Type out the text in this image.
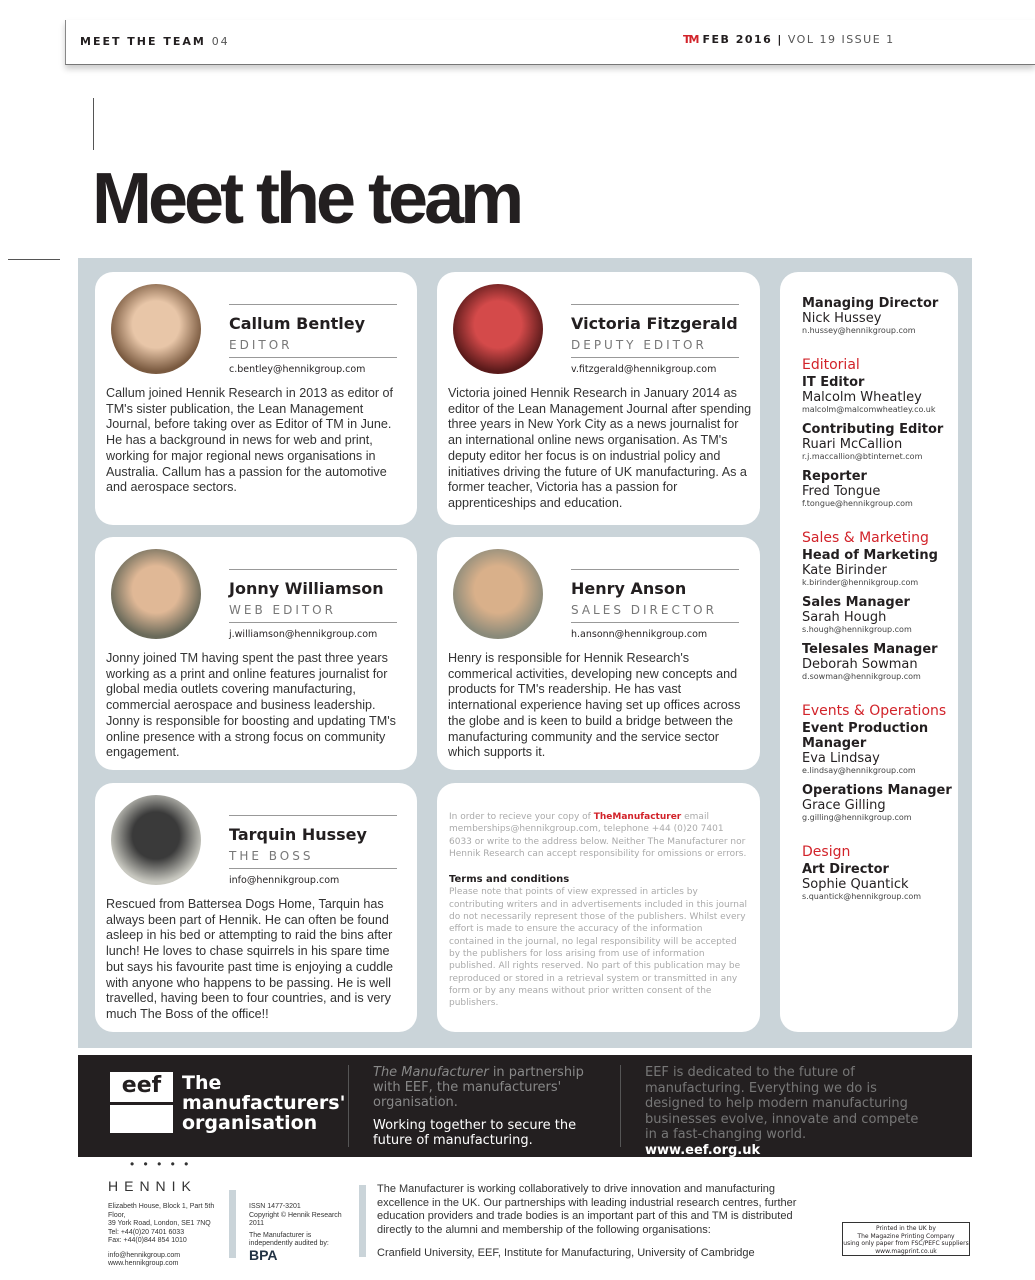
MEET THE TEAM 04	TM FEB 2016 | VOL 19 ISSUE 1
Meet the team
Callum Bentley
EDITOR
c.bentley@hennikgroup.com
Callum joined Hennik Research in 2013 as editor of TM's sister publication, the Lean Management Journal, before taking over as Editor of TM in June. He has a background in news for web and print, working for major regional news organisations in Australia. Callum has a passion for the automotive and aerospace sectors.
Victoria Fitzgerald
DEPUTY EDITOR
v.fitzgerald@hennikgroup.com
Victoria joined Hennik Research in January 2014 as editor of the Lean Management Journal after spending three years in New York City as a news journalist for an international online news organisation. As TM's deputy editor her focus is on industrial policy and initiatives driving the future of UK manufacturing. As a former teacher, Victoria has a passion for apprenticeships and education.
Jonny Williamson
WEB EDITOR
j.williamson@hennikgroup.com
Jonny joined TM having spent the past three years working as a print and online features journalist for global media outlets covering manufacturing, commercial aerospace and business leadership. Jonny is responsible for boosting and updating TM's online presence with a strong focus on community engagement.
Henry Anson
SALES DIRECTOR
h.ansonn@hennikgroup.com
Henry is responsible for Hennik Research's commerical activities, developing new concepts and products for TM's readership. He has vast international experience having set up offices across the globe and is keen to build a bridge between the manufacturing community and the service sector which supports it.
Tarquin Hussey
THE BOSS
info@hennikgroup.com
Rescued from Battersea Dogs Home, Tarquin has always been part of Hennik. He can often be found asleep in his bed or attempting to raid the bins after lunch! He loves to chase squirrels in his spare time but says his favourite past time is enjoying a cuddle with anyone who happens to be passing. He is well travelled, having been to four countries, and is very much The Boss of the office!!
In order to recieve your copy of TheManufacturer email memberships@hennikgroup.com, telephone +44 (0)20 7401 6033 or write to the address below. Neither The Manufacturer nor Hennik Research can accept responsibility for omissions or errors.
Terms and conditions
Please note that points of view expressed in articles by contributing writers and in advertisements included in this journal do not necessarily represent those of the publishers. Whilst every effort is made to ensure the accuracy of the information contained in the journal, no legal responsibility will be accepted by the publishers for loss arising from use of information published. All rights reserved. No part of this publication may be reproduced or stored in a retrieval system or transmitted in any form or by any means without prior written consent of the publishers.
Managing Director
Nick Hussey
n.hussey@hennikgroup.com
Editorial
IT Editor
Malcolm Wheatley
malcolm@malcomwheatley.co.uk
Contributing Editor
Ruari McCallion
r.j.maccallion@btinternet.com
Reporter
Fred Tongue
f.tongue@hennikgroup.com
Sales & Marketing
Head of Marketing
Kate Birinder
k.birinder@hennikgroup.com
Sales Manager
Sarah Hough
s.hough@hennikgroup.com
Telesales Manager
Deborah Sowman
d.sowman@hennikgroup.com
Events & Operations
Event Production Manager
Eva Lindsay
e.lindsay@hennikgroup.com
Operations Manager
Grace Gilling
g.gilling@hennikgroup.com
Design
Art Director
Sophie Quantick
s.quantick@hennikgroup.com
eef	The manufacturers' organisation
The Manufacturer in partnership with EEF, the manufacturers' organisation.
Working together to secure the future of manufacturing.
EEF is dedicated to the future of manufacturing. Everything we do is designed to help modern manufacturing businesses evolve, innovate and compete in a fast-changing world. www.eef.org.uk
• • • • •
HENNIK
Elizabeth House, Block 1, Part 5th Floor,
39 York Road, London, SE1 7NQ
Tel: +44(0)20 7401 6033
Fax: +44(0)844 854 1010
info@hennikgroup.com
www.hennikgroup.com
ISSN 1477-3201
Copyright © Hennik Research 2011
The Manufacturer is independently audited by:
BPA
The Manufacturer is working collaboratively to drive innovation and manufacturing excellence in the UK. Our partnerships with leading industrial research centres, further education providers and trade bodies is an important part of this and TM is distributed directly to the alumni and membership of the following organisations:
Cranfield University, EEF, Institute for Manufacturing, University of Cambridge
Printed in the UK by
The Magazine Printing Company
using only paper from FSC/PEFC suppliers
www.magprint.co.uk
